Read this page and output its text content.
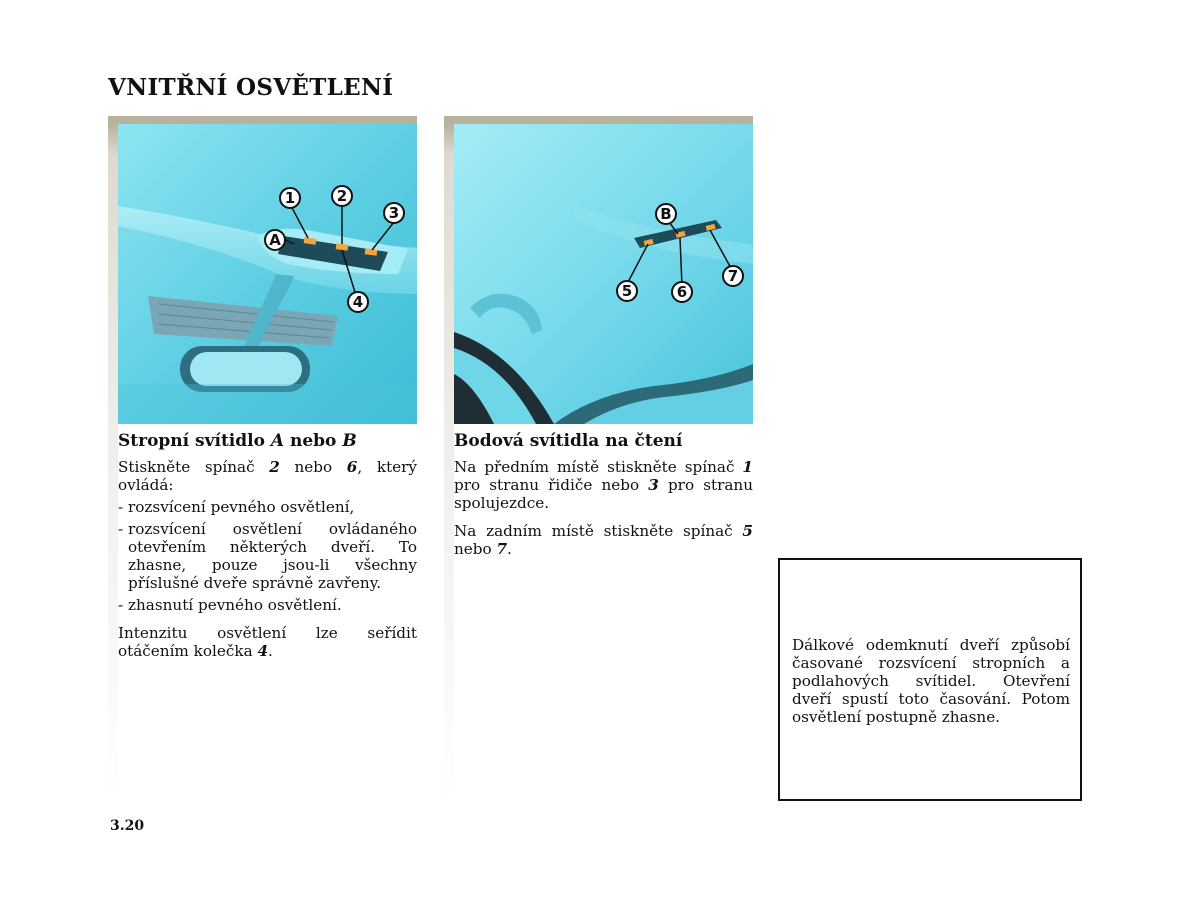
VNITŘNÍ OSVĚTLENÍ
1	2
3
A
4
Stropní svítidlo A nebo B

Stiskněte spínač 2 nebo 6, který ovládá:

- rozsvícení pevného osvětlení,
- rozsvícení osvětlení ovládaného otevřením některých dveří. To zhasne, pouze jsou-li všechny příslušné dveře správně zavřeny.
- zhasnutí pevného osvětlení.

Intenzitu osvětlení lze seřídit otáčením kolečka 4.

B
5	6
7
Bodová svítidla na čtení

Na předním místě stiskněte spínač 1 pro stranu řidiče nebo 3 pro stranu spolujezdce.

Na zadním místě stiskněte spínač 5 nebo 7.

Dálkové odemknutí dveří způsobí časované rozsvícení stropních a podlahových svítidel. Otevření dveří spustí toto časování. Potom osvětlení postupně zhasne.
3.20
